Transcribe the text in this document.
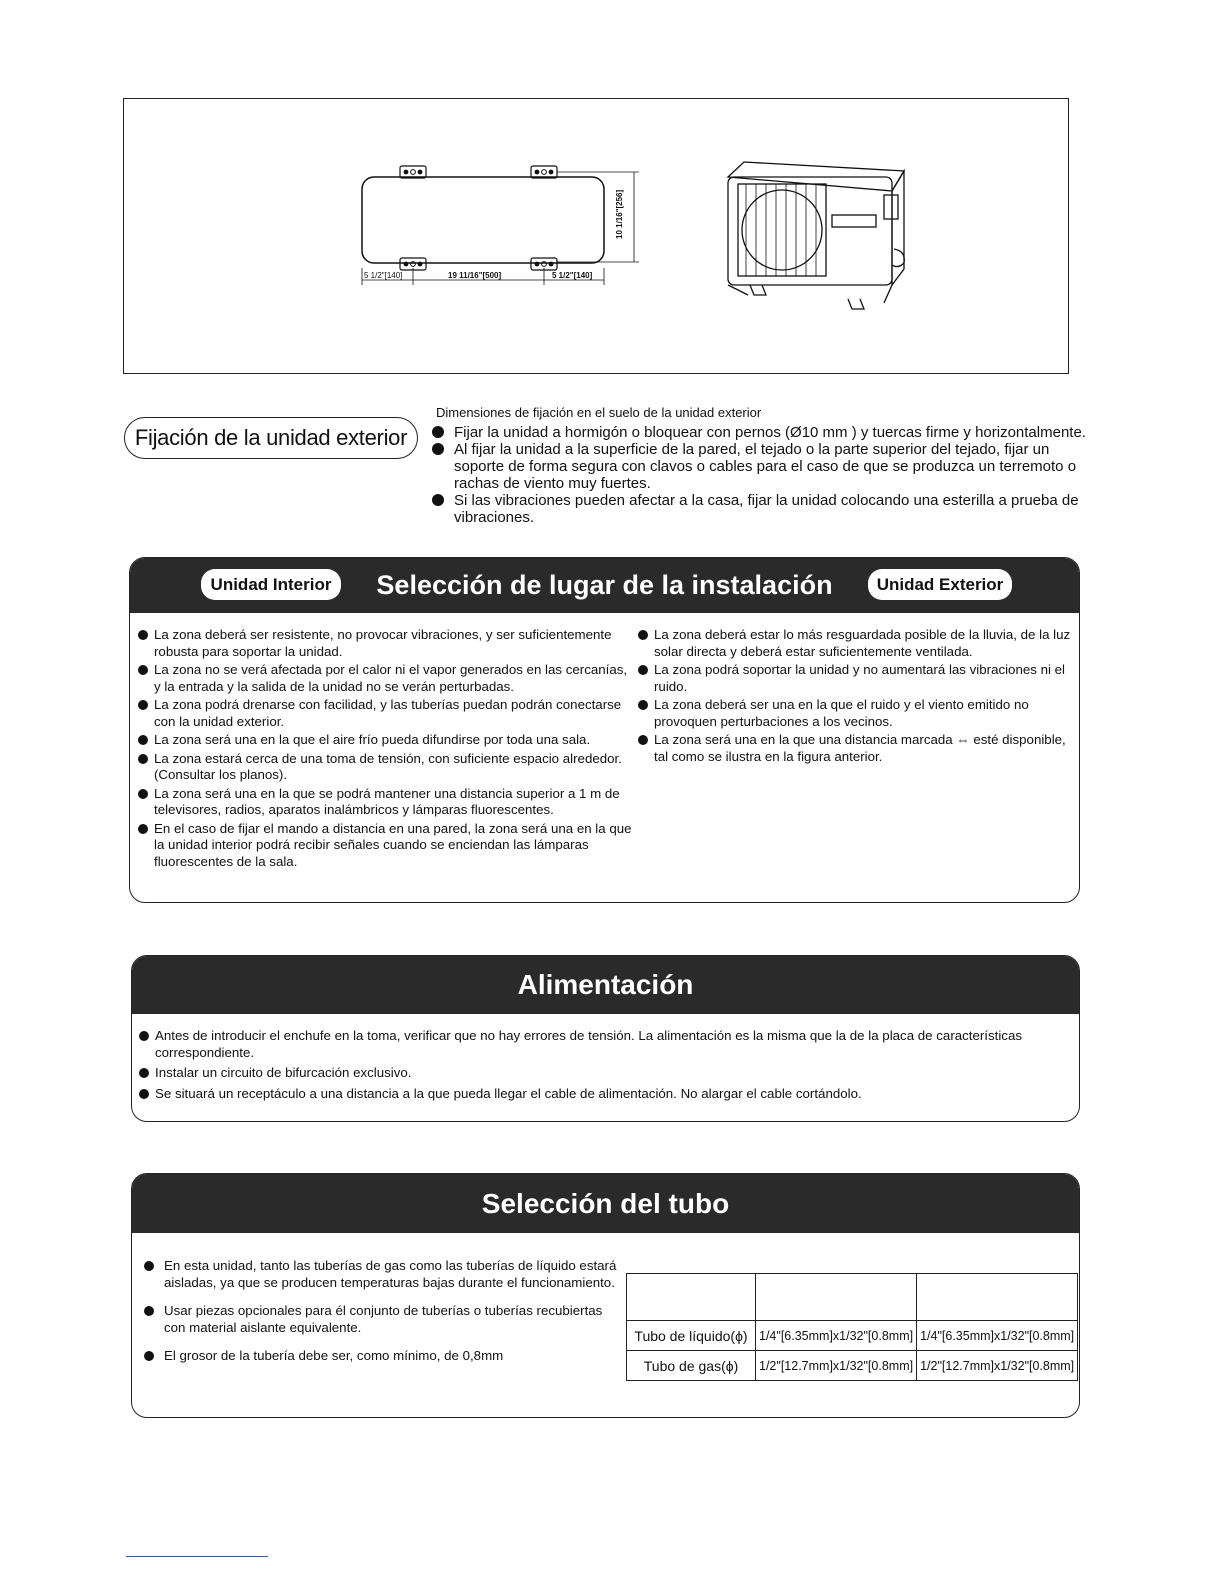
10 1/16"[256]
5 1/2"[140]	19 11/16"[500]	5 1/2"[140]
Dimensiones de fijación en el suelo de la unidad exterior
Fijación de la unidad exterior	Fijar la unidad a hormigón o bloquear con pernos (Ø10 mm ) y tuercas firme y horizontalmente.
Al fijar la unidad a la superficie de la pared, el tejado o la parte superior del tejado, fijar un soporte de forma segura con clavos o cables para el caso de que se produzca un terremoto o rachas de viento muy fuertes.
Si las vibraciones pueden afectar a la casa, fijar la unidad colocando una esterilla a prueba de vibraciones.
Unidad Interior	Selección de lugar de la instalación	Unidad Exterior
La zona deberá ser resistente, no provocar vibraciones, y ser suficientemente robusta para soportar la unidad.
La zona no se verá afectada por el calor ni el vapor generados en las cercanías, y la entrada y la salida de la unidad no se verán perturbadas.
La zona podrá drenarse con facilidad, y las tuberías puedan podrán conectarse con la unidad exterior.
La zona será una en la que el aire frío pueda difundirse por toda una sala.
La zona estará cerca de una toma de tensión, con suficiente espacio alrededor. (Consultar los planos).
La zona será una en la que se podrá mantener una distancia superior a 1 m de televisores, radios, aparatos inalámbricos y lámparas fluorescentes.
En el caso de fijar el mando a distancia en una pared, la zona será una en la que la unidad interior podrá recibir señales cuando se enciendan las lámparas fluorescentes de la sala.
La zona deberá estar lo más resguardada posible de la lluvia, de la luz solar directa y deberá estar suficientemente ventilada.
La zona podrá soportar la unidad y no aumentará las vibraciones ni el ruido.
La zona deberá ser una en la que el ruido y el viento emitido no provoquen perturbaciones a los vecinos.
La zona será una en la que una distancia marcada ⇔ esté disponible, tal como se ilustra en la figura anterior.
Alimentación
Antes de introducir el enchufe en la toma, verificar que no hay errores de tensión. La alimentación es la misma que la de la placa de características correspondiente.
Instalar un circuito de bifurcación exclusivo.
Se situará un receptáculo a una distancia a la que pueda llegar el cable de alimentación. No alargar el cable cortándolo.
Selección del tubo
En esta unidad, tanto las tuberías de gas como las tuberías de líquido estará aisladas, ya que se producen temperaturas bajas durante el funcionamiento.
Usar piezas opcionales para él conjunto de tuberías o tuberías recubiertas con material aislante equivalente.
El grosor de la tubería debe ser, como mínimo, de 0,8mm

Tubo de líquido(ϕ)	1/4"[6.35mm]x1/32"[0.8mm]	1/4"[6.35mm]x1/32"[0.8mm]
Tubo de gas(ϕ)	1/2"[12.7mm]x1/32"[0.8mm]	1/2"[12.7mm]x1/32"[0.8mm]
